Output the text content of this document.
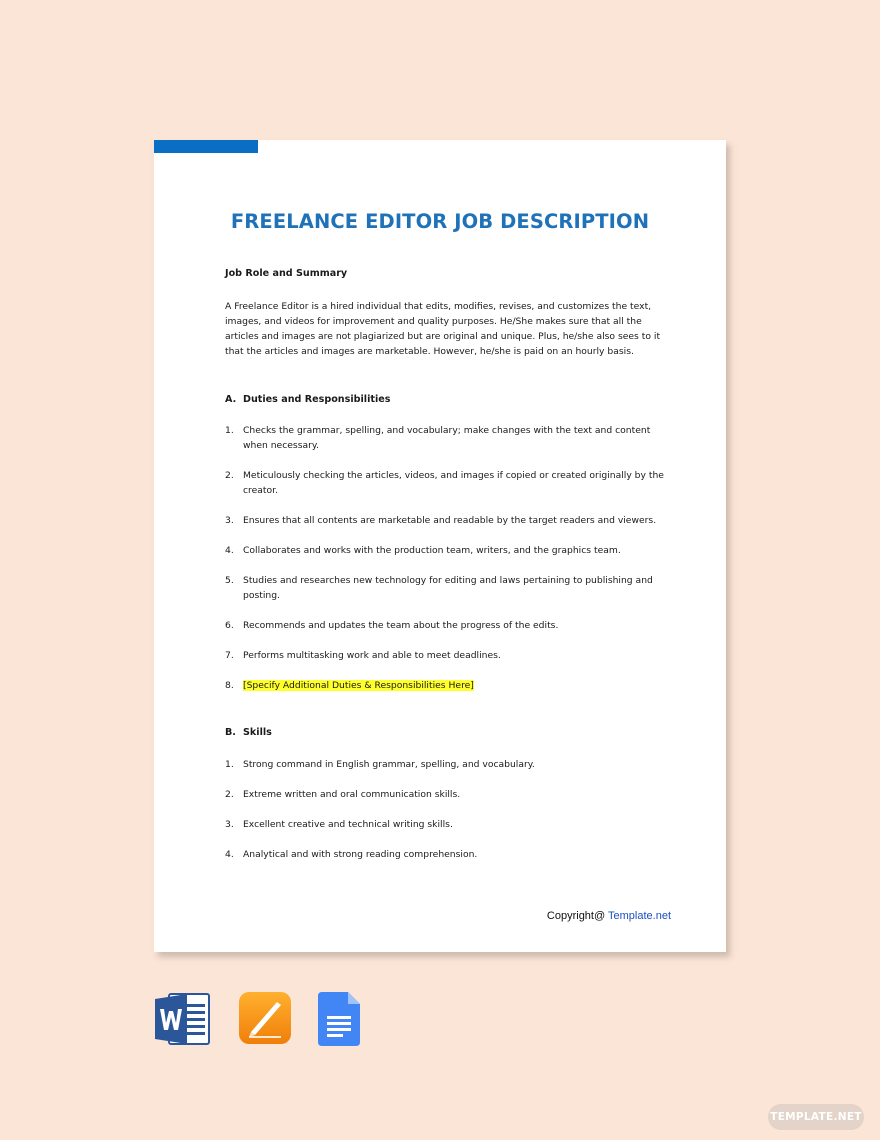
FREELANCE EDITOR JOB DESCRIPTION
Job Role and Summary
A Freelance Editor is a hired individual that edits, modifies, revises, and customizes the text, images, and videos for improvement and quality purposes. He/She makes sure that all the articles and images are not plagiarized but are original and unique. Plus, he/she also sees to it that the articles and images are marketable. However, he/she is paid on an hourly basis.
A. Duties and Responsibilities
1.	Checks the grammar, spelling, and vocabulary; make changes with the text and content when necessary.
2.	Meticulously checking the articles, videos, and images if copied or created originally by the creator.
3.	Ensures that all contents are marketable and readable by the target readers and viewers.
4.	Collaborates and works with the production team, writers, and the graphics team.
5.	Studies and researches new technology for editing and laws pertaining to publishing and posting.
6.	Recommends and updates the team about the progress of the edits.
7.	Performs multitasking work and able to meet deadlines.
8.	[Specify Additional Duties & Responsibilities Here]
B. Skills
1.	Strong command in English grammar, spelling, and vocabulary.
2.	Extreme written and oral communication skills.
3.	Excellent creative and technical writing skills.
4.	Analytical and with strong reading comprehension.
Copyright@ Template.net
TEMPLATE.NET
